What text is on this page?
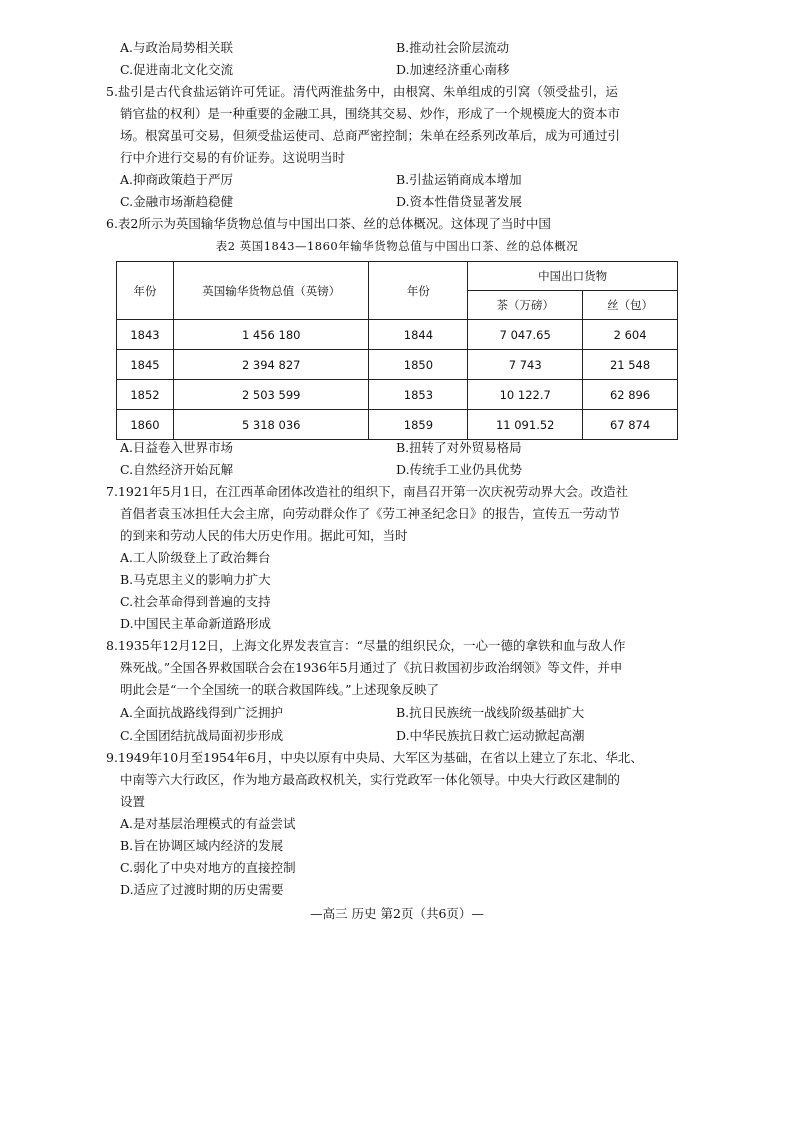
A.与政治局势相关联	B.推动社会阶层流动
C.促进南北文化交流	D.加速经济重心南移
5.盐引是古代食盐运销许可凭证。清代两淮盐务中，由根窝、朱单组成的引窝（领受盐引，运
销官盐的权利）是一种重要的金融工具，围绕其交易、炒作，形成了一个规模庞大的资本市
场。根窝虽可交易，但须受盐运使司、总商严密控制；朱单在经系列改革后，成为可通过引
行中介进行交易的有价证券。这说明当时
A.抑商政策趋于严厉	B.引盐运销商成本增加
C.金融市场渐趋稳健	D.资本性借贷显著发展
6.表2所示为英国输华货物总值与中国出口茶、丝的总体概况。这体现了当时中国
表2 英国1843—1860年输华货物总值与中国出口茶、丝的总体概况
年份	英国输华货物总值（英镑）	年份	中国出口货物	
			茶（万磅）	丝（包）
1843	1 456 180	1844	7 047.65	2 604
1845	2 394 827	1850	7 743	21 548
1852	2 503 599	1853	10 122.7	62 896
1860	5 318 036	1859	11 091.52	67 874
A.日益卷入世界市场	B.扭转了对外贸易格局
C.自然经济开始瓦解	D.传统手工业仍具优势
7.1921年5月1日，在江西革命团体改造社的组织下，南昌召开第一次庆祝劳动界大会。改造社
首倡者袁玉冰担任大会主席，向劳动群众作了《劳工神圣纪念日》的报告，宣传五一劳动节
的到来和劳动人民的伟大历史作用。据此可知，当时
A.工人阶级登上了政治舞台
B.马克思主义的影响力扩大
C.社会革命得到普遍的支持
D.中国民主革命新道路形成
8.1935年12月12日，上海文化界发表宣言：“尽量的组织民众，一心一德的拿铁和血与敌人作
殊死战。”全国各界救国联合会在1936年5月通过了《抗日救国初步政治纲领》等文件，并申
明此会是“一个全国统一的联合救国阵线。”上述现象反映了
A.全面抗战路线得到广泛拥护	B.抗日民族统一战线阶级基础扩大
C.全国团结抗战局面初步形成	D.中华民族抗日救亡运动掀起高潮
9.1949年10月至1954年6月，中央以原有中央局、大军区为基础，在省以上建立了东北、华北、
中南等六大行政区，作为地方最高政权机关，实行党政军一体化领导。中央大行政区建制的
设置
A.是对基层治理模式的有益尝试
B.旨在协调区域内经济的发展
C.弱化了中央对地方的直接控制
D.适应了过渡时期的历史需要
—高三 历史 第2页（共6页）—
